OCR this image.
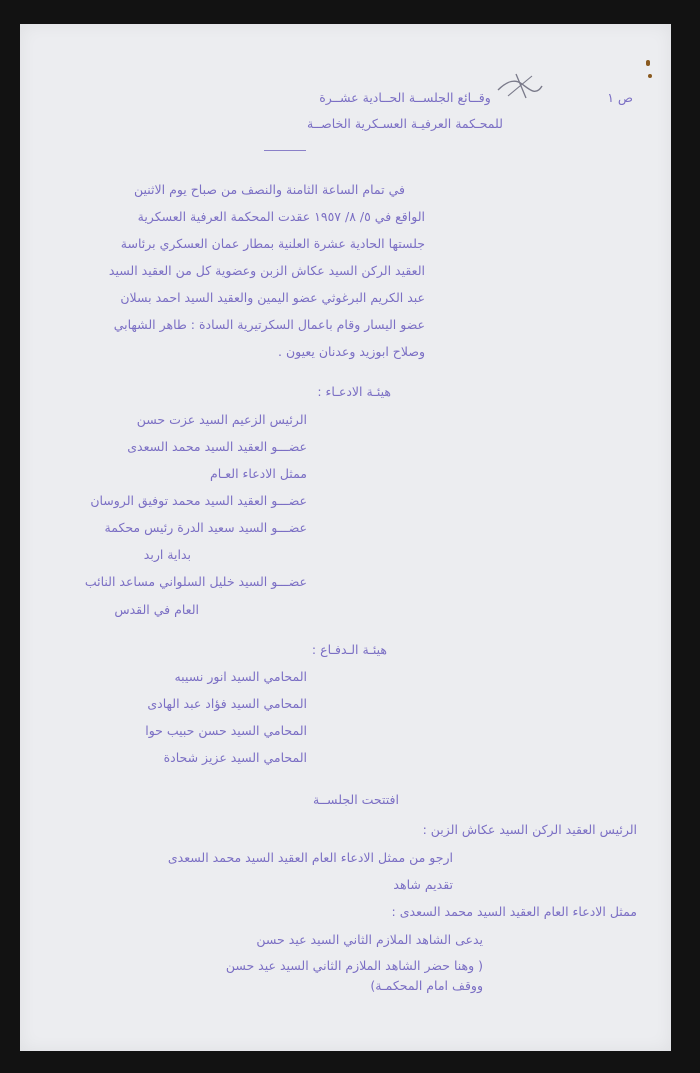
ص ١
وقــائع الجلســة الحــادية عشــرة
للمحـكمة العرفيـة العسـكرية الخاصــة
في تمام الساعة الثامنة والنصف من صباح يوم الاثنين
الواقع في ٥/ ٨/ ١٩٥٧ عقدت المحكمة العرفية العسكرية
جلستها الحادية عشرة العلنية بمطار عمان العسكري برئاسة
العقيد الركن السيد عكاش الزبن وعضوية كل من العقيد السيد
عبد الكريم البرغوثي عضو اليمين والعقيد السيد احمد بسلان
عضو اليسار وقام باعمال السكرتيرية السادة : طاهر الشهابي
وصلاح ابوزيد وعدنان يعيون .
هيئـة الادعـاء :
الرئيس الزعيم السيد عزت حسن
عضـــو العقيد السيد محمد السعدى
ممثل الادعاء العـام
عضـــو العقيد السيد محمد توفيق الروسان
عضـــو السيد سعيد الدرة رئيس محكمة
بداية اربد
عضـــو السيد خليل السلواني مساعد النائب
العام في القدس
هيئـة الـدفـاع :
المحامي السيد انور نسيبه
المحامي السيد فؤاد عبد الهادى
المحامي السيد حسن حبيب حوا
المحامي السيد عزيز شحادة
افتتحت الجلســة
الرئيس العقيد الركن السيد عكاش الزبن :
ارجو من ممثل الادعاء العام العقيد السيد محمد السعدى
تقديم شاهد
ممثل الادعاء العام العقيد السيد محمد السعدى :
يدعى الشاهد الملازم الثاني السيد عيد حسن
( وهنا حضر الشاهد الملازم الثاني السيد عيد حسن
ووقف امام المحكمـة)
